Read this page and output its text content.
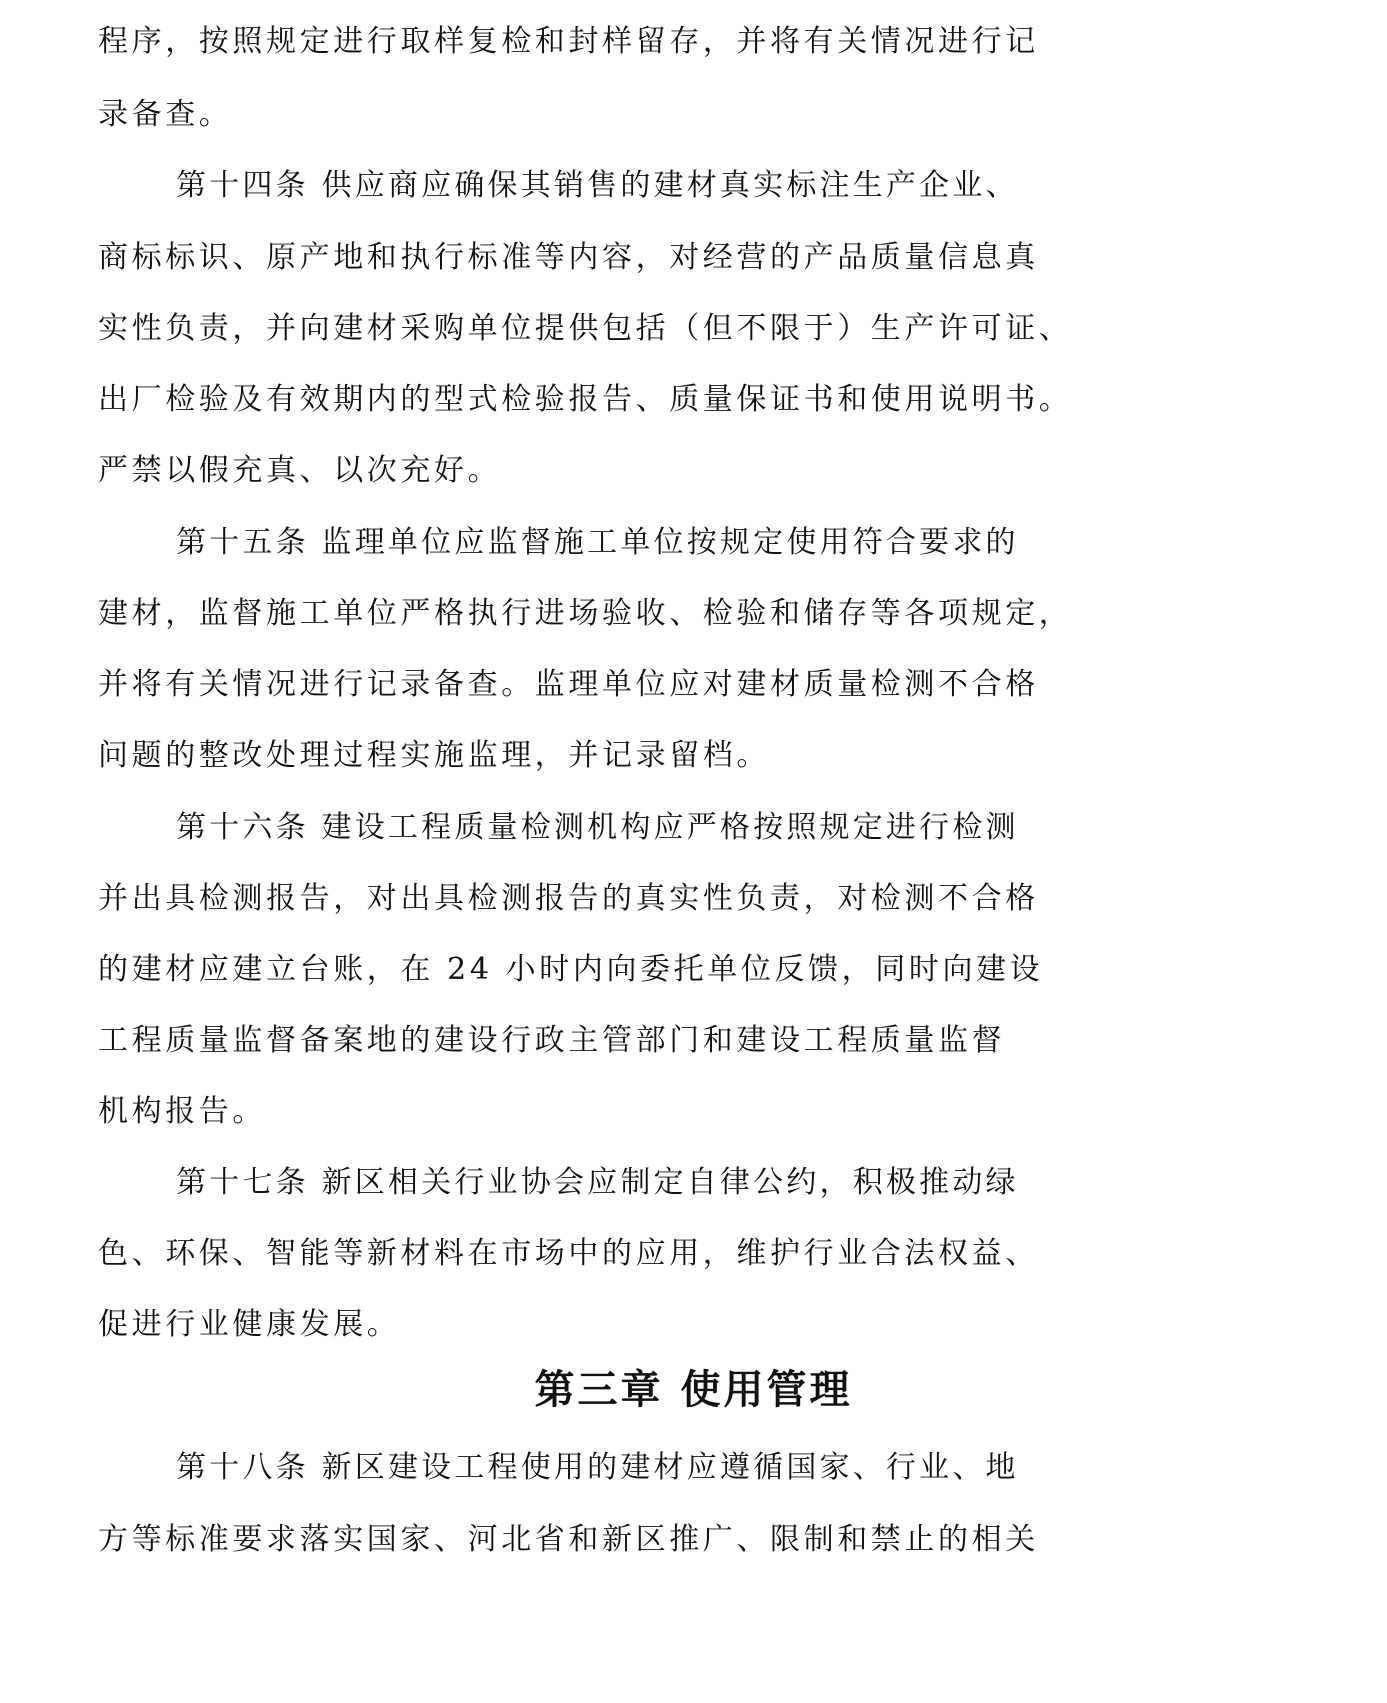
程序，按照规定进行取样复检和封样留存，并将有关情况进行记
录备查。
第十四条 供应商应确保其销售的建材真实标注生产企业、
商标标识、原产地和执行标准等内容，对经营的产品质量信息真
实性负责，并向建材采购单位提供包括（但不限于）生产许可证、
出厂检验及有效期内的型式检验报告、质量保证书和使用说明书。
严禁以假充真、以次充好。
第十五条 监理单位应监督施工单位按规定使用符合要求的
建材，监督施工单位严格执行进场验收、检验和储存等各项规定，
并将有关情况进行记录备查。监理单位应对建材质量检测不合格
问题的整改处理过程实施监理，并记录留档。
第十六条 建设工程质量检测机构应严格按照规定进行检测
并出具检测报告，对出具检测报告的真实性负责，对检测不合格
的建材应建立台账，在 24 小时内向委托单位反馈，同时向建设
工程质量监督备案地的建设行政主管部门和建设工程质量监督
机构报告。
第十七条 新区相关行业协会应制定自律公约，积极推动绿
色、环保、智能等新材料在市场中的应用，维护行业合法权益、
促进行业健康发展。
第三章 使用管理
第十八条 新区建设工程使用的建材应遵循国家、行业、地
方等标准要求落实国家、河北省和新区推广、限制和禁止的相关
